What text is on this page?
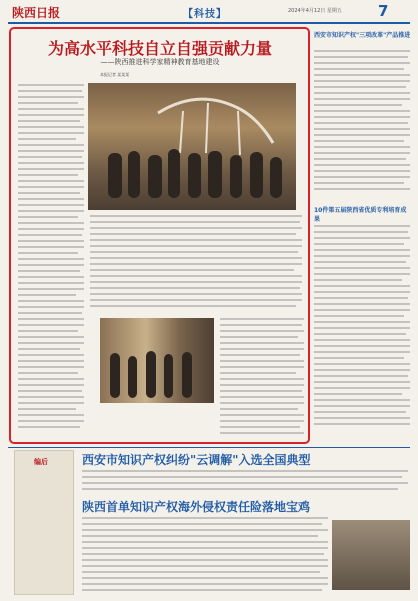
陕西日报	【科技】	2024年4月12日 星期五 7
为高水平科技自立自强贡献力量
——陕西推进科学家精神教育基地建设
本报记者 某某某
西安市知识产权"三项改革"产品推进
10件第五届陕西省优质专利培育成果
编后	西安市知识产权纠纷"云调解"入选全国典型
陕西首单知识产权海外侵权责任险落地宝鸡
